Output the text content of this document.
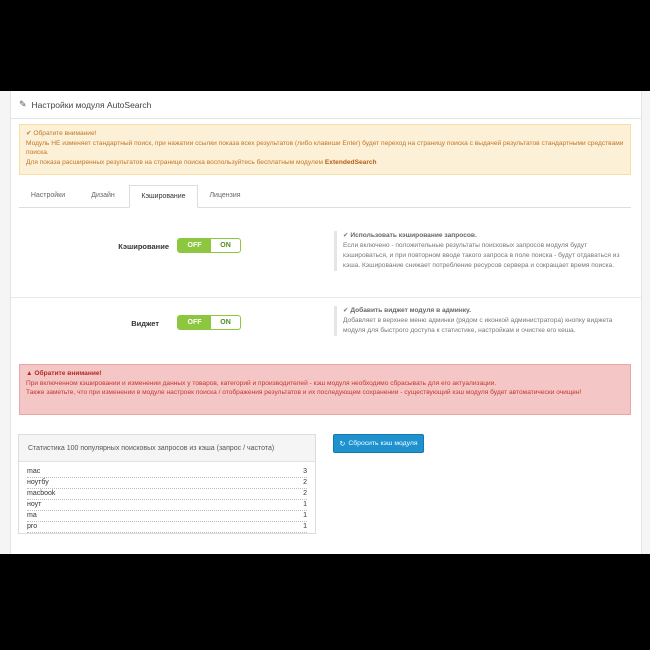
✎ Настройки модуля AutoSearch
✔ Обратите внимание!
Модуль НЕ изменяет стандартный поиск, при нажатии ссылки показа всех результатов (либо клавиши Enter) будет переход на страницу поиска с выдачей результатов стандартными средствами поиска.
Для показа расширенных результатов на странице поиска воспользуйтесь бесплатным модулем ExtendedSearch
Настройки	Дизайн	Кэширование	Лицензия
Кэширование	OFF	ON
✔ Использовать кэширование запросов.
Если включено - положительные результаты поисковых запросов модуля будут кэшироваться, и при повторном вводе такого запроса в поле поиска - будут отдаваться из кэша. Кэширование снижает потребление ресурсов сервера и сокращает время поиска.
Виджет	OFF	ON
✔ Добавить виджет модуля в админку.
Добавляет в верхнее меню админки (рядом с иконкой администратора) кнопку виджета модуля для быстрого доступа к статистике, настройкам и очистке его кеша.
▲ Обратите внимание!
При включенном кэшировании и изменении данных у товаров, категорий и производителей - кэш модуля необходимо сбрасывать для его актуализации.
Также заметьте, что при изменении в модуле настроек поиска / отображения результатов и их последующем сохранении - существующий кэш модуля будет автоматически очищен!
Статистика 100 популярных поисковых запросов из кэша (запрос / частота)
mac	3
ноутбу	2
macbook	2
ноут	1
ma	1
pro	1
↻ Сбросить кэш модуля
